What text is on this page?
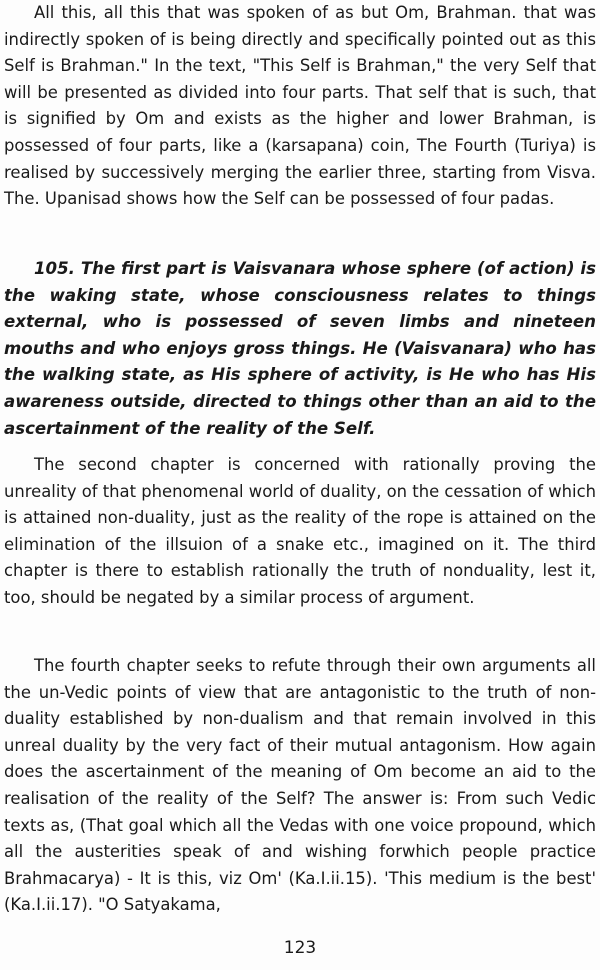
All this, all this that was spoken of as but Om, Brahman. that was indirectly spoken of is being directly and specifically pointed out as this Self is Brahman." In the text, "This Self is Brahman," the very Self that will be presented as divided into four parts. That self that is such, that is signified by Om and exists as the higher and lower Brahman, is possessed of four parts, like a (karsapana) coin, The Fourth (Turiya) is realised by successively merging the earlier three, starting from Visva. The. Upanisad shows how the Self can be possessed of four padas.

105. The first part is Vaisvanara whose sphere (of action) is the waking state, whose consciousness relates to things external, who is possessed of seven limbs and nineteen mouths and who enjoys gross things. He (Vaisvanara) who has the walking state, as His sphere of activity, is He who has His awareness outside, directed to things other than an aid to the ascertainment of the reality of the Self.

The second chapter is concerned with rationally proving the unreality of that phenomenal world of duality, on the cessation of which is attained non-duality, just as the reality of the rope is attained on the elimination of the illsuion of a snake etc., imagined on it. The third chapter is there to establish rationally the truth of nonduality, lest it, too, should be negated by a similar process of argument.

The fourth chapter seeks to refute through their own arguments all the un-Vedic points of view that are antagonistic to the truth of non-duality established by non-dualism and that remain involved in this unreal duality by the very fact of their mutual antagonism. How again does the ascertainment of the meaning of Om become an aid to the realisation of the reality of the Self? The answer is: From such Vedic texts as, (That goal which all the Vedas with one voice propound, which all the austerities speak of and wishing forwhich people practice Brahmacarya) - It is this, viz Om' (Ka.I.ii.15). 'This medium is the best' (Ka.I.ii.17). "O Satyakama,

123
